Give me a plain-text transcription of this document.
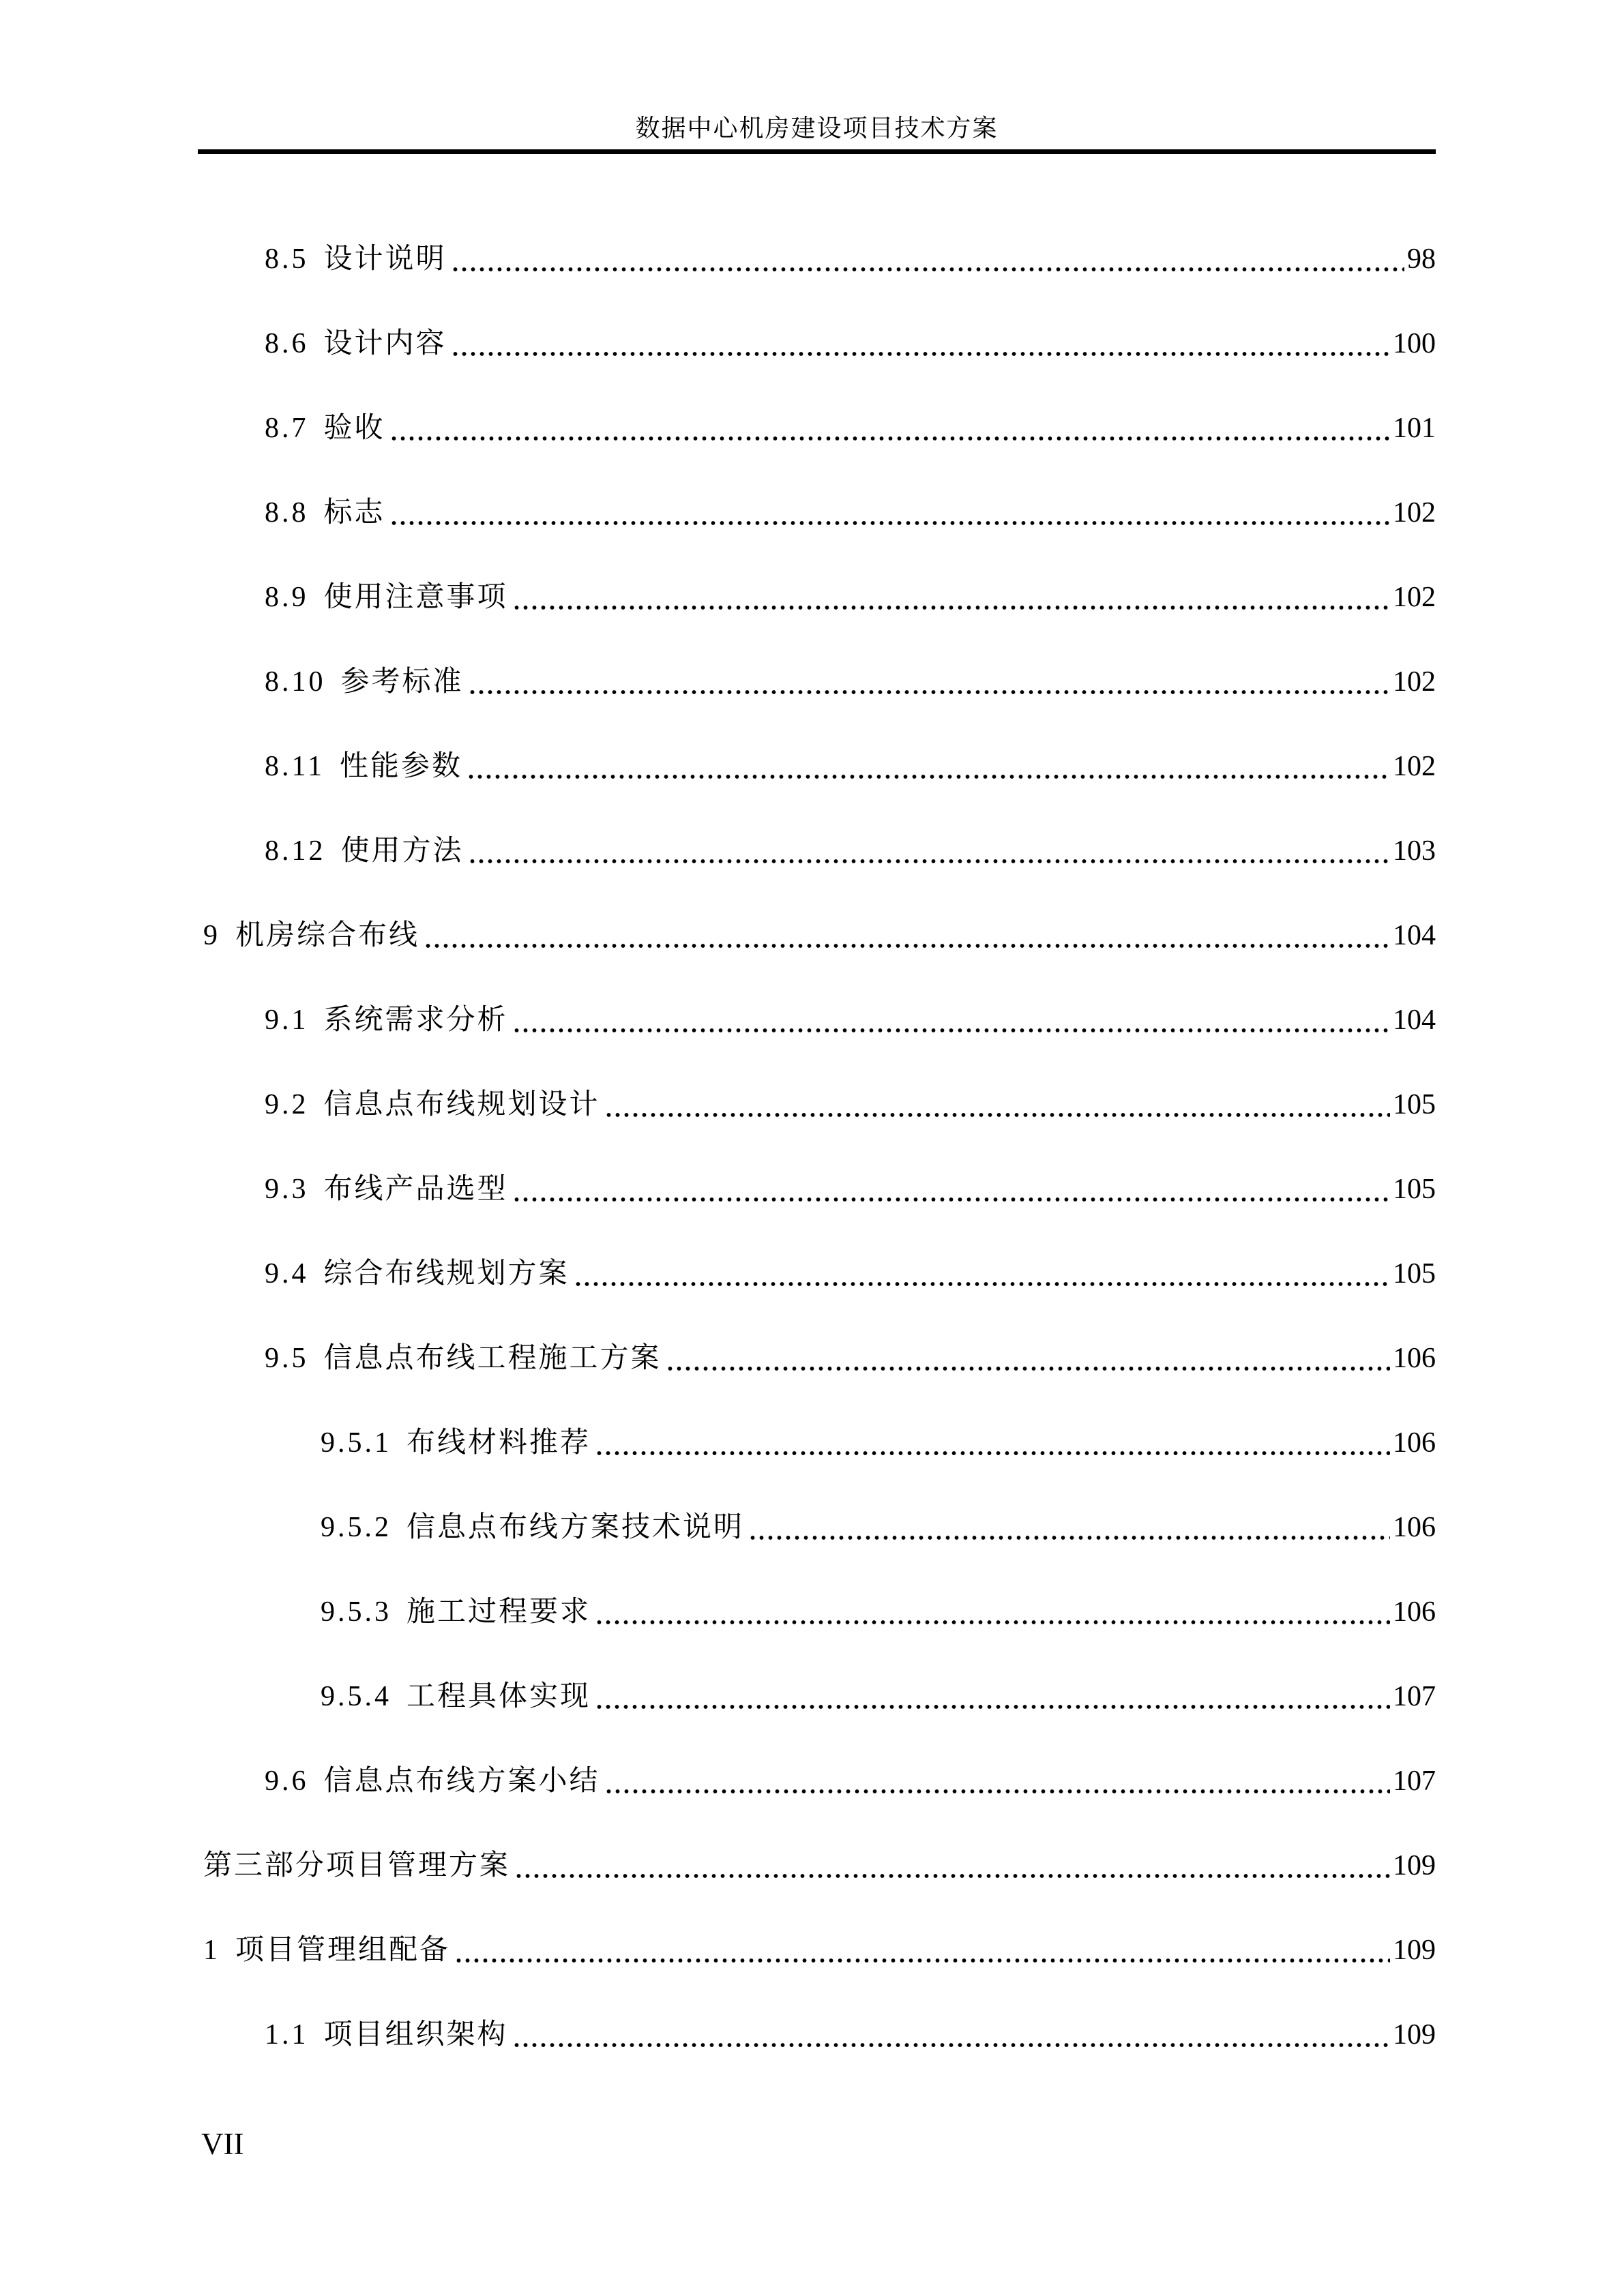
数据中心机房建设项目技术方案
8.5 设计说明	98
8.6 设计内容	100
8.7 验收	101
8.8 标志	102
8.9 使用注意事项	102
8.10 参考标准	102
8.11 性能参数	102
8.12 使用方法	103
9 机房综合布线	104
9.1 系统需求分析	104
9.2 信息点布线规划设计	105
9.3 布线产品选型	105
9.4 综合布线规划方案	105
9.5 信息点布线工程施工方案	106
9.5.1 布线材料推荐	106
9.5.2 信息点布线方案技术说明	106
9.5.3 施工过程要求	106
9.5.4 工程具体实现	107
9.6 信息点布线方案小结	107
第三部分项目管理方案	109
1 项目管理组配备	109
1.1 项目组织架构	109
VII
